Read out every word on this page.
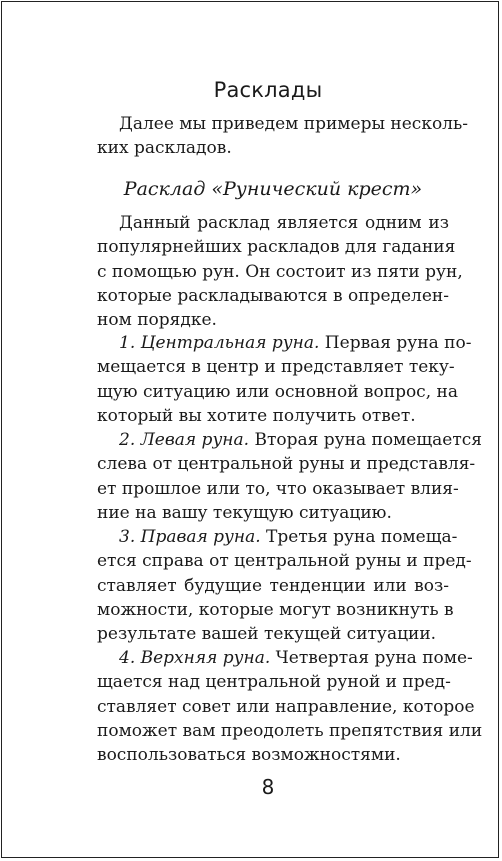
Расклады
Далее мы приведем примеры несколь-
ких раскладов.
Расклад «Рунический крест»
Данный расклад является одним из
популярнейших раскладов для гадания
с помощью рун. Он состоит из пяти рун,
которые раскладываются в определен-
ном порядке.
1. Центральная руна. Первая руна по-
мещается в центр и представляет теку-
щую ситуацию или основной вопрос, на
который вы хотите получить ответ.
2. Левая руна. Вторая руна помещается
слева от центральной руны и представля-
ет прошлое или то, что оказывает влия-
ние на вашу текущую ситуацию.
3. Правая руна. Третья руна помеща-
ется справа от центральной руны и пред-
ставляет будущие тенденции или воз-
можности, которые могут возникнуть в
результате вашей текущей ситуации.
4. Верхняя руна. Четвертая руна поме-
щается над центральной руной и пред-
ставляет совет или направление, которое
поможет вам преодолеть препятствия или
воспользоваться возможностями.
8
